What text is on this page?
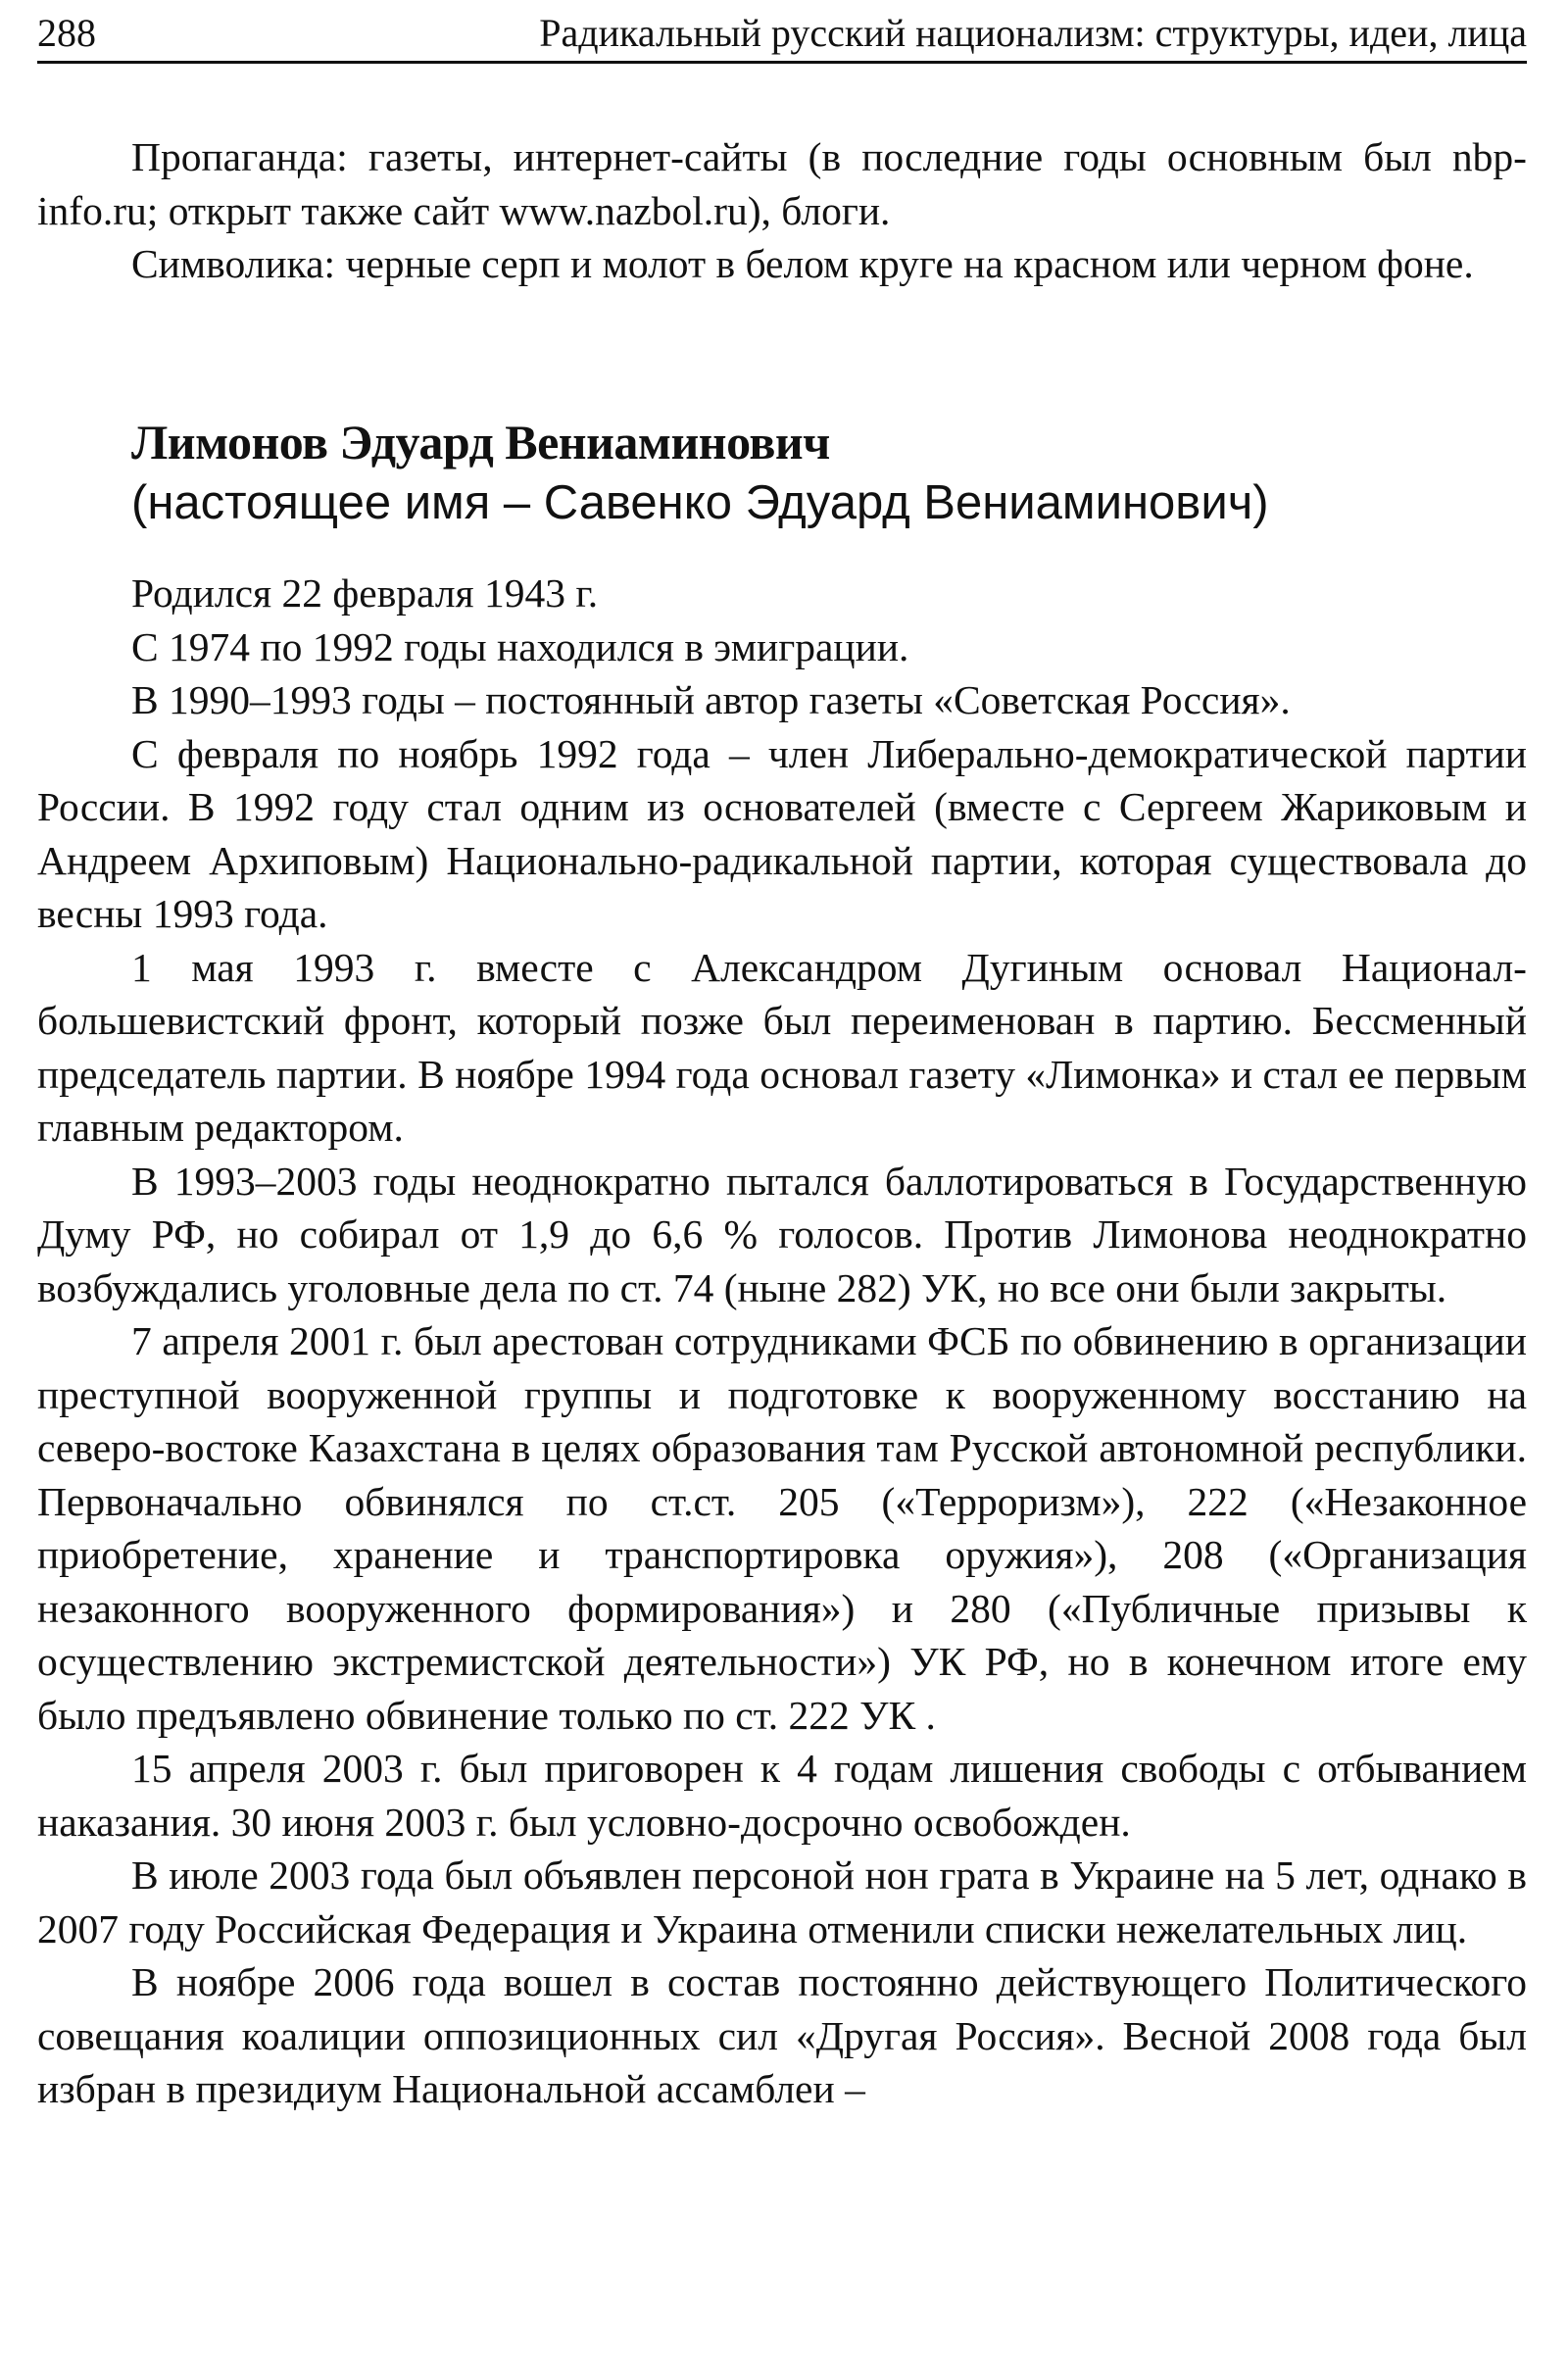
288	Радикальный русский национализм: структуры, идеи, лица

Пропаганда: газеты, интернет-сайты (в последние годы основным был nbp-info.ru; открыт также сайт www.nazbol.ru), блоги.

Символика: черные серп и молот в белом круге на красном или черном фоне.

Лимонов Эдуард Вениаминович
(настоящее имя – Савенко Эдуард Вениаминович)

Родился 22 февраля 1943 г.

С 1974 по 1992 годы находился в эмиграции.

В 1990–1993 годы – постоянный автор газеты «Советская Россия».

С февраля по ноябрь 1992 года – член Либерально-демократической партии России. В 1992 году стал одним из основателей (вместе с Сергеем Жариковым и Андреем Архиповым) Национально-радикальной партии, которая существовала до весны 1993 года.

1 мая 1993 г. вместе с Александром Дугиным основал Национал-большевистский фронт, который позже был переименован в партию. Бессменный председатель партии. В ноябре 1994 года основал газету «Лимонка» и стал ее первым главным редактором.

В 1993–2003 годы неоднократно пытался баллотироваться в Государственную Думу РФ, но собирал от 1,9 до 6,6 % голосов. Против Лимонова неоднократно возбуждались уголовные дела по ст. 74 (ныне 282) УК, но все они были закрыты.

7 апреля 2001 г. был арестован сотрудниками ФСБ по обвинению в организации преступной вооруженной группы и подготовке к вооруженному восстанию на северо-востоке Казахстана в целях образования там Русской автономной республики. Первоначально обвинялся по ст.ст. 205 («Терроризм»), 222 («Незаконное приобретение, хранение и транспортировка оружия»), 208 («Организация незаконного вооруженного формирования») и 280 («Публичные призывы к осуществлению экстремистской деятельности») УК РФ, но в конечном итоге ему было предъявлено обвинение только по ст. 222 УК .

15 апреля 2003 г. был приговорен к 4 годам лишения свободы с отбыванием наказания. 30 июня 2003 г. был условно-досрочно освобожден.

В июле 2003 года был объявлен персоной нон грата в Украине на 5 лет, однако в 2007 году Российская Федерация и Украина отменили списки нежелательных лиц.

В ноябре 2006 года вошел в состав постоянно действующего Политического совещания коалиции оппозиционных сил «Другая Россия». Весной 2008 года был избран в президиум Национальной ассамблеи –
